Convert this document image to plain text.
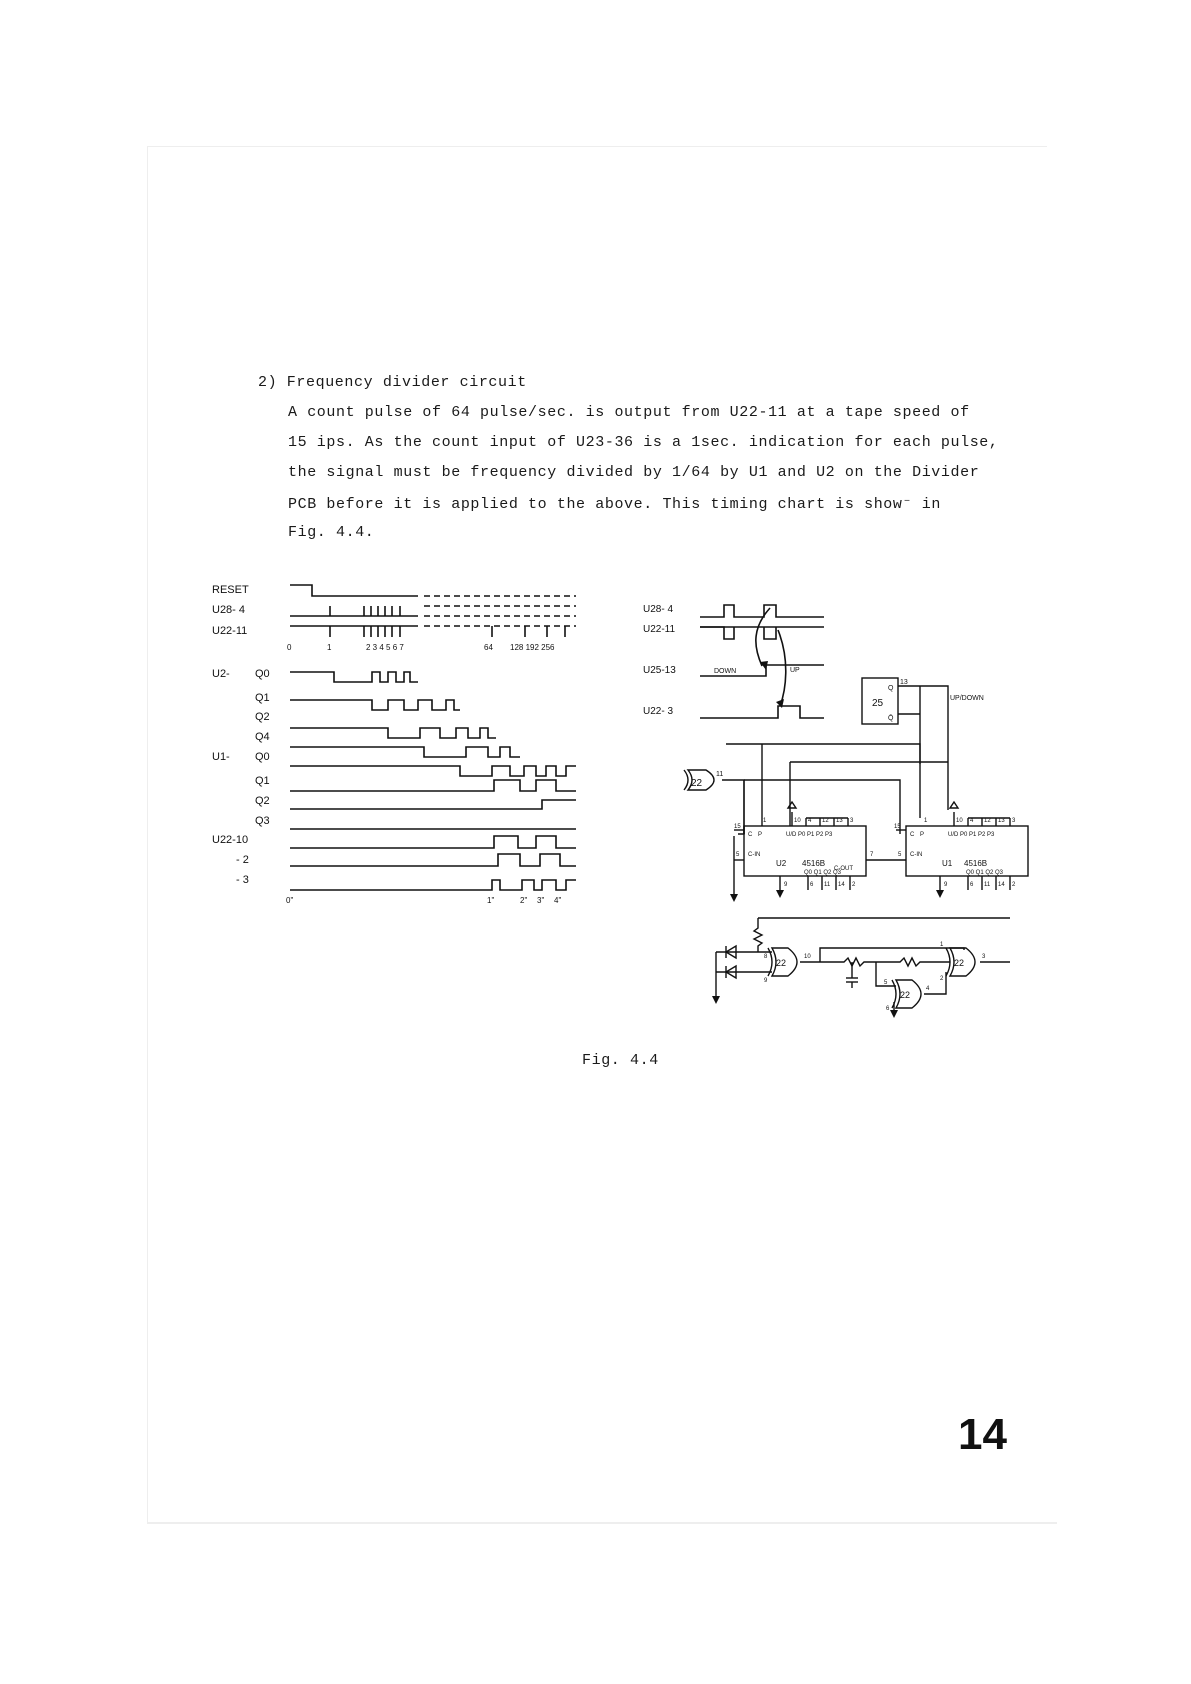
2) Frequency divider circuit
A count pulse of 64 pulse/sec. is output from U22-11 at a tape speed of
15 ips. As the count input of U23-36 is a 1sec. indication for each pulse,
the signal must be frequency divided by 1/64 by U1 and U2 on the Divider
PCB before it is applied to the above. This timing chart is show⁻ in
Fig. 4.4.
RESET
U28- 4
U22-11
U2- Q0
Q1
Q2
Q4
U1- Q0
Q1
Q2
Q3
U22-10
- 2
- 3
0	1	2 3 4 5 6 7	64 128 192 256
0"	1"	2" 3" 4"
U28- 4
U22-11
U25-13
U22- 3
DOWN	UP
25
Q
Q̄
13
UP/DOWN
22
11
U2 4516B	U1 4516B
C P	U/D P0 P1 P2 P3
C-IN
C-OUT
Q0 Q1 Q2 Q3
C P	U/D P0 P1 P2 P3
C-IN
Q0 Q1 Q2 Q3
1	10 4 12 13 3	1	10 4 12 13 3
9	6 11 14 2	9	6 11 14 2
15
5	7
15
5
22
22
22
8
9
10
5
6
4
1
2
3
Fig. 4.4
14
